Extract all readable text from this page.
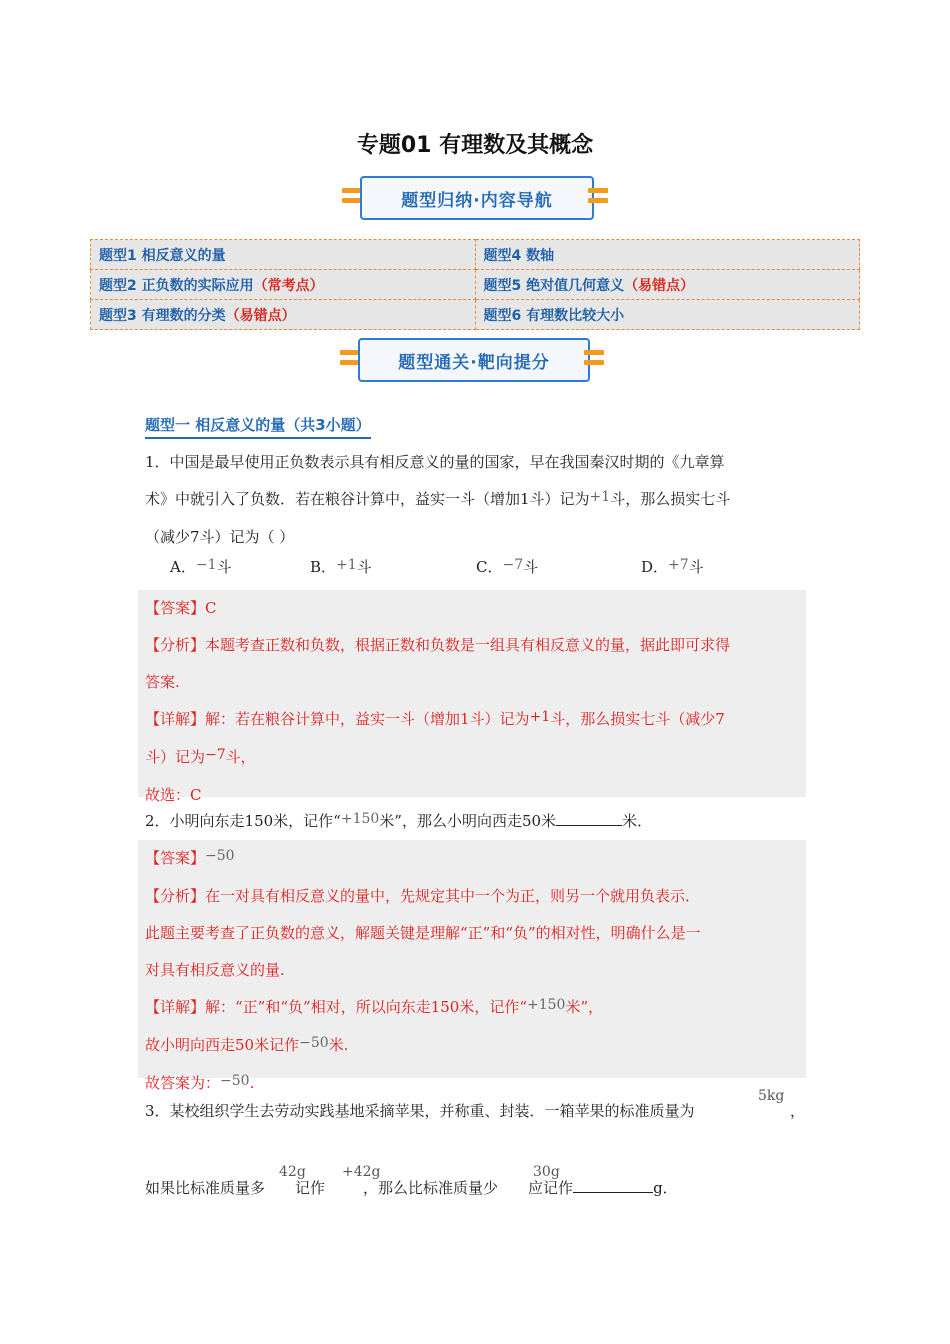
专题01 有理数及其概念
题型归纳·内容导航
题型1 相反意义的量	题型4 数轴
题型2 正负数的实际应用（常考点）	题型5 绝对值几何意义（易错点）
题型3 有理数的分类（易错点）	题型6 有理数比较大小
题型通关·靶向提分
题型一 相反意义的量（共3小题）
1．中国是最早使用正负数表示具有相反意义的量的国家，早在我国秦汉时期的《九章算
术》中就引入了负数．若在粮谷计算中，益实一斗（增加1斗）记为+1斗，那么损实七斗
（减少7斗）记为（ ）
A．−1斗	B．+1斗	C．−7斗	D．+7斗
【答案】C
【分析】本题考查正数和负数，根据正数和负数是一组具有相反意义的量，据此即可求得
答案.
【详解】解：若在粮谷计算中，益实一斗（增加1斗）记为+1斗，那么损实七斗（减少7
斗）记为−7斗，
故选：C
2．小明向东走150米，记作“+150米”，那么小明向西走50米	米．
【答案】−50
【分析】在一对具有相反意义的量中，先规定其中一个为正，则另一个就用负表示．
此题主要考查了正负数的意义，解题关键是理解“正”和“负”的相对性，明确什么是一
对具有相反意义的量.
【详解】解：“正”和“负”相对，所以向东走150米，记作“+150米”，
故小明向西走50米记作−50米.
故答案为：−50.
3．某校组织学生去劳动实践基地采摘苹果，并称重、封装．一箱苹果的标准质量为
5kg
，
如果比标准质量多 记作	，那么比标准质量少 应记作	g．
42g	+42g	30g
